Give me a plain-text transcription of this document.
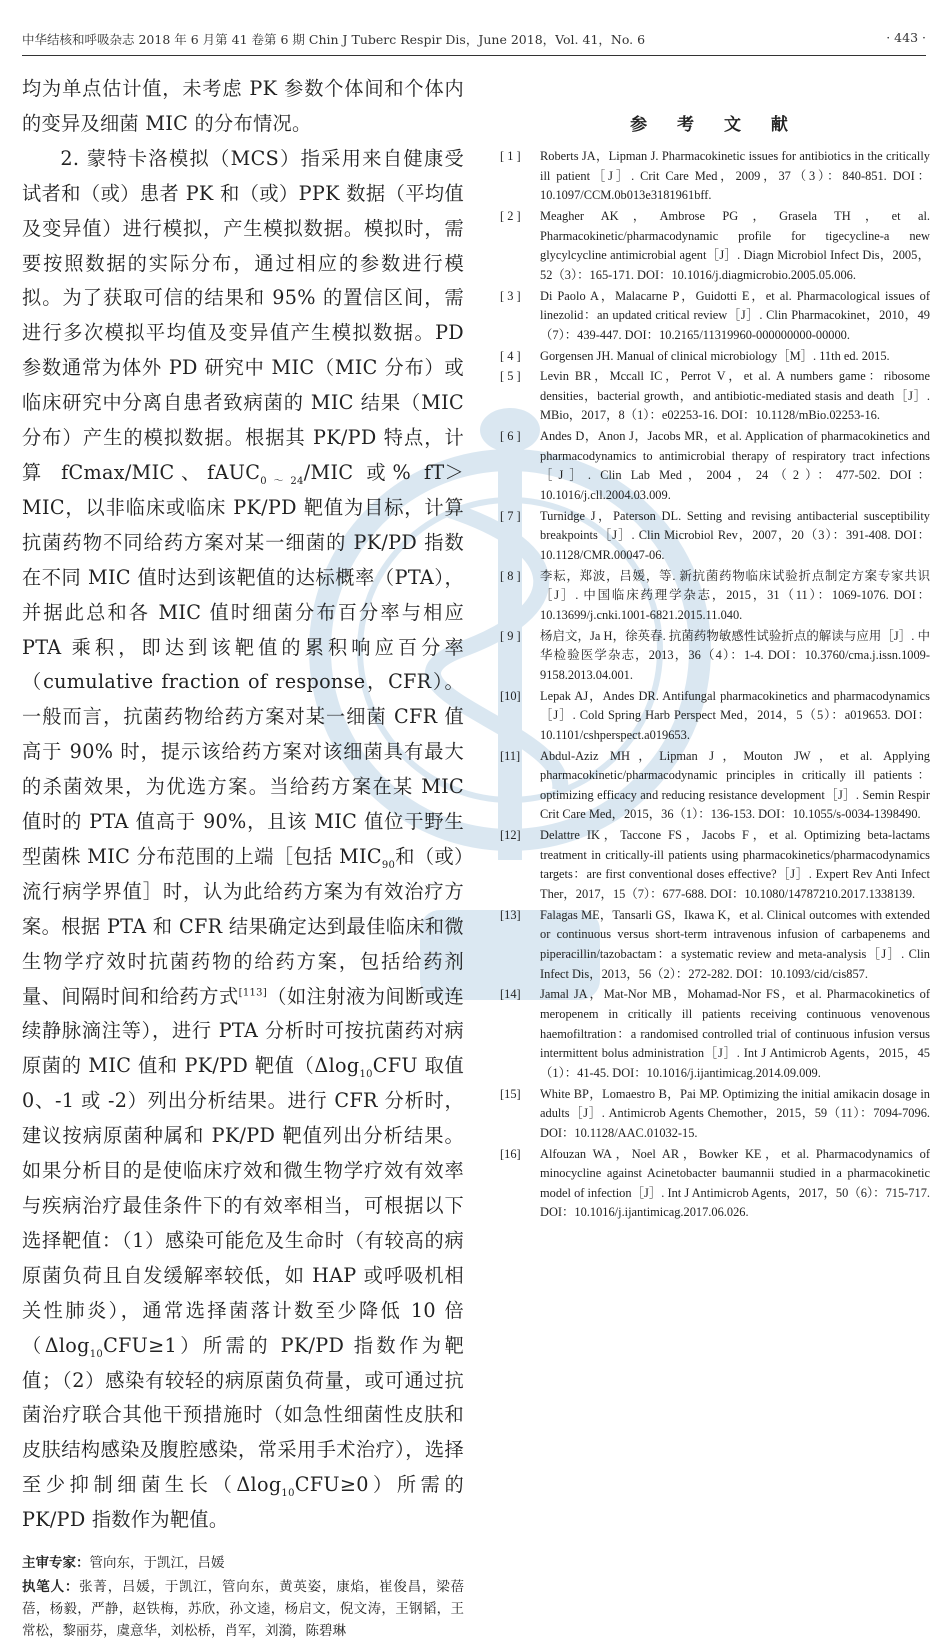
中华结核和呼吸杂志 2018 年 6 月第 41 卷第 6 期 Chin J Tuberc Respir Dis，June 2018，Vol. 41，No. 6	· 443 ·

均为单点估计值，未考虑 PK 参数个体间和个体内的变异及细菌 MIC 的分布情况。

2. 蒙特卡洛模拟（MCS）指采用来自健康受试者和（或）患者 PK 和（或）PPK 数据（平均值及变异值）进行模拟，产生模拟数据。模拟时，需要按照数据的实际分布，通过相应的参数进行模拟。为了获取可信的结果和 95% 的置信区间，需进行多次模拟平均值及变异值产生模拟数据。PD 参数通常为体外 PD 研究中 MIC（MIC 分布）或临床研究中分离自患者致病菌的 MIC 结果（MIC 分布）产生的模拟数据。根据其 PK/PD 特点，计算 fCmax/MIC、fAUC$_{0\sim 24}$/MIC 或% fT＞MIC，以非临床或临床 PK/PD 靶值为目标，计算抗菌药物不同给药方案对某一细菌的 PK/PD 指数在不同 MIC 值时达到该靶值的达标概率（PTA），并据此总和各 MIC 值时细菌分布百分率与相应 PTA 乘积，即达到该靶值的累积响应百分率（cumulative fraction of response，CFR）。一般而言，抗菌药物给药方案对某一细菌 CFR 值高于 90% 时，提示该给药方案对该细菌具有最大的杀菌效果，为优选方案。当给药方案在某 MIC 值时的 PTA 值高于 90%，且该 MIC 值位于野生型菌株 MIC 分布范围的上端［包括 $MIC_{90}$和（或）流行病学界值］时，认为此给药方案为有效治疗方案。根据 PTA 和 CFR 结果确定达到最佳临床和微生物学疗效时抗菌药物的给药方案，包括给药剂量、间隔时间和给药方式[113]（如注射液为间断或连续静脉滴注等），进行 PTA 分析时可按抗菌药对病原菌的 MIC 值和 PK/PD 靶值（Δlog$_{10}$CFU 取值 0、-1 或 -2）列出分析结果。进行 CFR 分析时，建议按病原菌种属和 PK/PD 靶值列出分析结果。如果分析目的是使临床疗效和微生物学疗效有效率与疾病治疗最佳条件下的有效率相当，可根据以下选择靶值：（1）感染可能危及生命时（有较高的病原菌负荷且自发缓解率较低，如 HAP 或呼吸机相关性肺炎），通常选择菌落计数至少降低 10 倍（Δlog$_{10}$CFU≥1）所需的 PK/PD 指数作为靶值；（2）感染有较轻的病原菌负荷量，或可通过抗菌治疗联合其他干预措施时（如急性细菌性皮肤和皮肤结构感染及腹腔感染，常采用手术治疗），选择至少抑制细菌生长（Δlog$_{10}$CFU≥0）所需的 PK/PD 指数作为靶值。

主审专家：管向东，于凯江，吕媛

执笔人：张菁，吕媛，于凯江，管向东，黄英姿，康焰，崔俊昌，梁蓓蓓，杨毅，严静，赵铁梅，苏欣，孙文逵，杨启文，倪文涛，王钢韬，王常松，黎丽芬，虞意华，刘松桥，肖军，刘漪，陈碧琳

参 考 文 献
[ 1 ]	Roberts JA，Lipman J. Pharmacokinetic issues for antibiotics in the critically ill patient［J］. Crit Care Med，2009，37（3）：840-851. DOI：10.1097/CCM.0b013e3181961bff.
[ 2 ]	Meagher AK，Ambrose PG，Grasela TH，et al. Pharmacokinetic/pharmacodynamic profile for tigecycline-a new glycylcycline antimicrobial agent［J］. Diagn Microbiol Infect Dis，2005，52（3）：165-171. DOI：10.1016/j.diagmicrobio.2005.05.006.
[ 3 ]	Di Paolo A，Malacarne P，Guidotti E，et al. Pharmacological issues of linezolid：an updated critical review［J］. Clin Pharmacokinet，2010，49（7）：439-447. DOI：10.2165/11319960-000000000-00000.
[ 4 ]	Gorgensen JH. Manual of clinical microbiology［M］. 11th ed. 2015.
[ 5 ]	Levin BR，Mccall IC，Perrot V，et al. A numbers game：ribosome densities，bacterial growth，and antibiotic-mediated stasis and death［J］. MBio，2017，8（1）：e02253-16. DOI：10.1128/mBio.02253-16.
[ 6 ]	Andes D，Anon J，Jacobs MR，et al. Application of pharmacokinetics and pharmacodynamics to antimicrobial therapy of respiratory tract infections［J］. Clin Lab Med，2004，24（2）：477-502. DOI：10.1016/j.cll.2004.03.009.
[ 7 ]	Turnidge J，Paterson DL. Setting and revising antibacterial susceptibility breakpoints［J］. Clin Microbiol Rev，2007，20（3）：391-408. DOI：10.1128/CMR.00047-06.
[ 8 ]	李耘，郑波，吕媛，等. 新抗菌药物临床试验折点制定方案专家共识［J］. 中国临床药理学杂志，2015，31（11）：1069-1076. DOI：10.13699/j.cnki.1001-6821.2015.11.040.
[ 9 ]	杨启文，Ja H，徐英春. 抗菌药物敏感性试验折点的解读与应用［J］. 中华检验医学杂志，2013，36（4）：1-4. DOI：10.3760/cma.j.issn.1009-9158.2013.04.001.
[10]	Lepak AJ，Andes DR. Antifungal pharmacokinetics and pharmacodynamics［J］. Cold Spring Harb Perspect Med，2014，5（5）：a019653. DOI：10.1101/cshperspect.a019653.
[11]	Abdul-Aziz MH，Lipman J，Mouton JW，et al. Applying pharmacokinetic/pharmacodynamic principles in critically ill patients：optimizing efficacy and reducing resistance development［J］. Semin Respir Crit Care Med，2015，36（1）：136-153. DOI：10.1055/s-0034-1398490.
[12]	Delattre IK，Taccone FS，Jacobs F，et al. Optimizing beta-lactams treatment in critically-ill patients using pharmacokinetics/pharmacodynamics targets：are first conventional doses effective?［J］. Expert Rev Anti Infect Ther，2017，15（7）：677-688. DOI：10.1080/14787210.2017.1338139.
[13]	Falagas ME，Tansarli GS，Ikawa K，et al. Clinical outcomes with extended or continuous versus short-term intravenous infusion of carbapenems and piperacillin/tazobactam：a systematic review and meta-analysis［J］. Clin Infect Dis，2013，56（2）：272-282. DOI：10.1093/cid/cis857.
[14]	Jamal JA，Mat-Nor MB，Mohamad-Nor FS，et al. Pharmacokinetics of meropenem in critically ill patients receiving continuous venovenous haemofiltration：a randomised controlled trial of continuous infusion versus intermittent bolus administration［J］. Int J Antimicrob Agents，2015，45（1）：41-45. DOI：10.1016/j.ijantimicag.2014.09.009.
[15]	White BP，Lomaestro B，Pai MP. Optimizing the initial amikacin dosage in adults［J］. Antimicrob Agents Chemother，2015，59（11）：7094-7096. DOI：10.1128/AAC.01032-15.
[16]	Alfouzan WA，Noel AR，Bowker KE，et al. Pharmacodynamics of minocycline against Acinetobacter baumannii studied in a pharmacokinetic model of infection［J］. Int J Antimicrob Agents，2017，50（6）：715-717. DOI：10.1016/j.ijantimicag.2017.06.026.
